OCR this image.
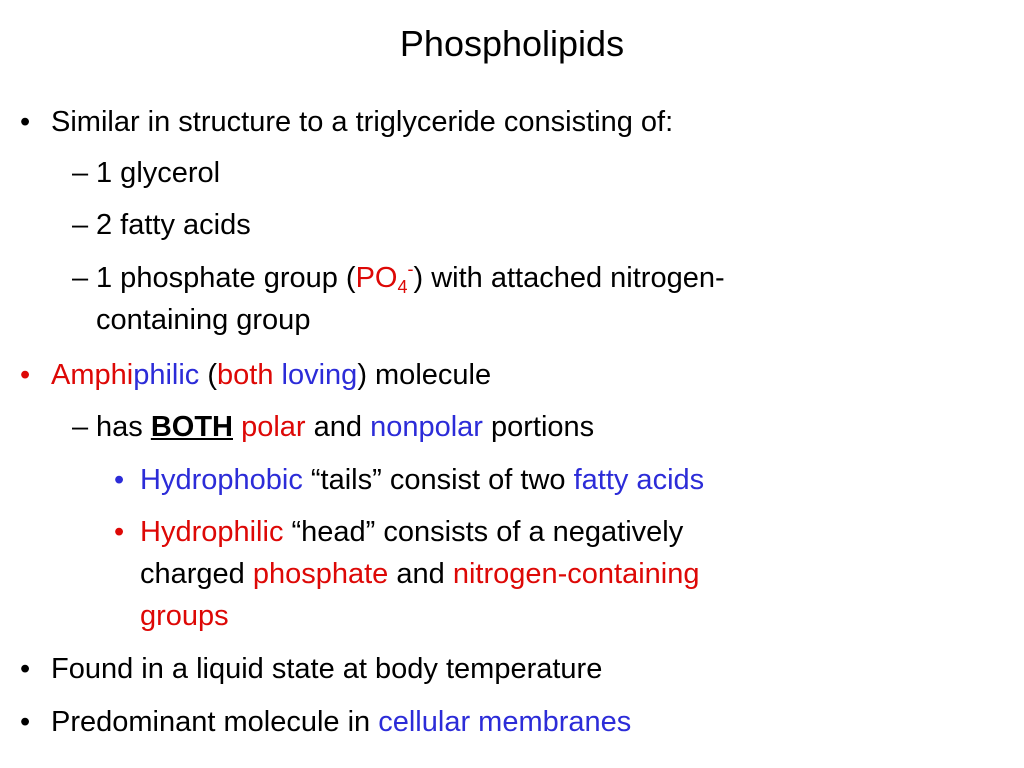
Phospholipids
• Similar in structure to a triglyceride consisting of:
– 1 glycerol
– 2 fatty acids
– 1 phosphate group $(PO_4^-)$ with attached nitrogen-
containing group
• Amphiphilic (both loving) molecule
– has BOTH polar and nonpolar portions
• Hydrophobic “tails” consist of two fatty acids
• Hydrophilic “head” consists of a negatively
charged phosphate and nitrogen-containing
groups
• Found in a liquid state at body temperature
• Predominant molecule in cellular membranes
